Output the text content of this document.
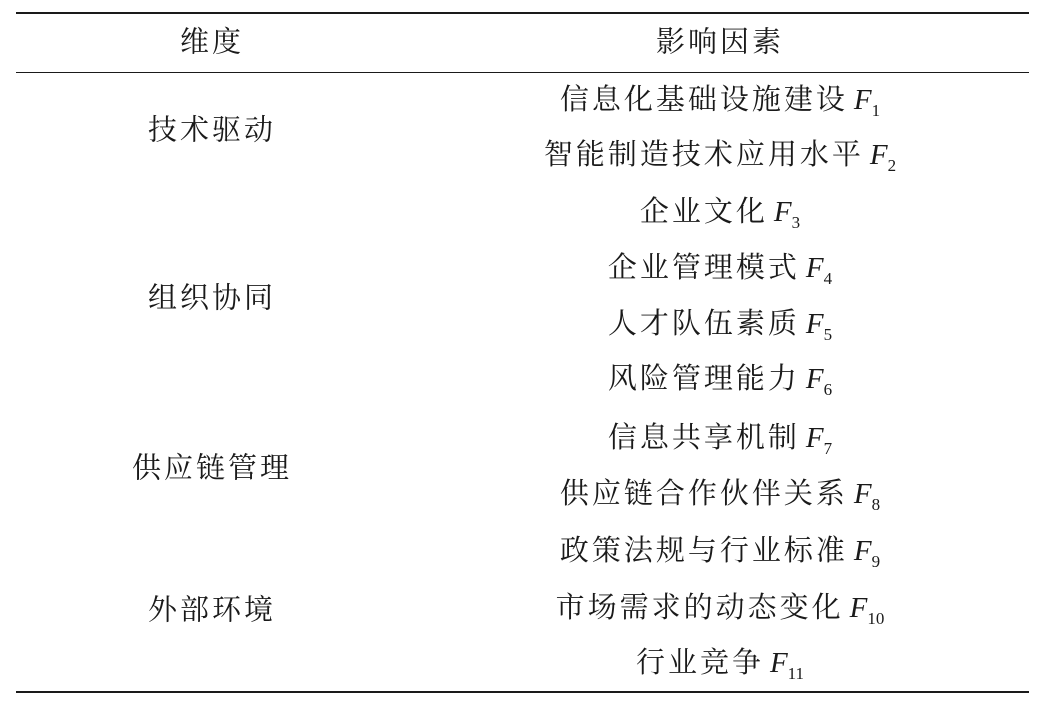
维度	影响因素
技术驱动
组织协同
供应链管理
外部环境
信息化基础设施建设 $F_1$
智能制造技术应用水平 $F_2$
企业文化 $F_3$
企业管理模式 $F_4$
人才队伍素质 $F_5$
风险管理能力 $F_6$
信息共享机制 $F_7$
供应链合作伙伴关系 $F_8$
政策法规与行业标准 $F_9$
市场需求的动态变化 $F_{10}$
行业竞争 $F_{11}$
